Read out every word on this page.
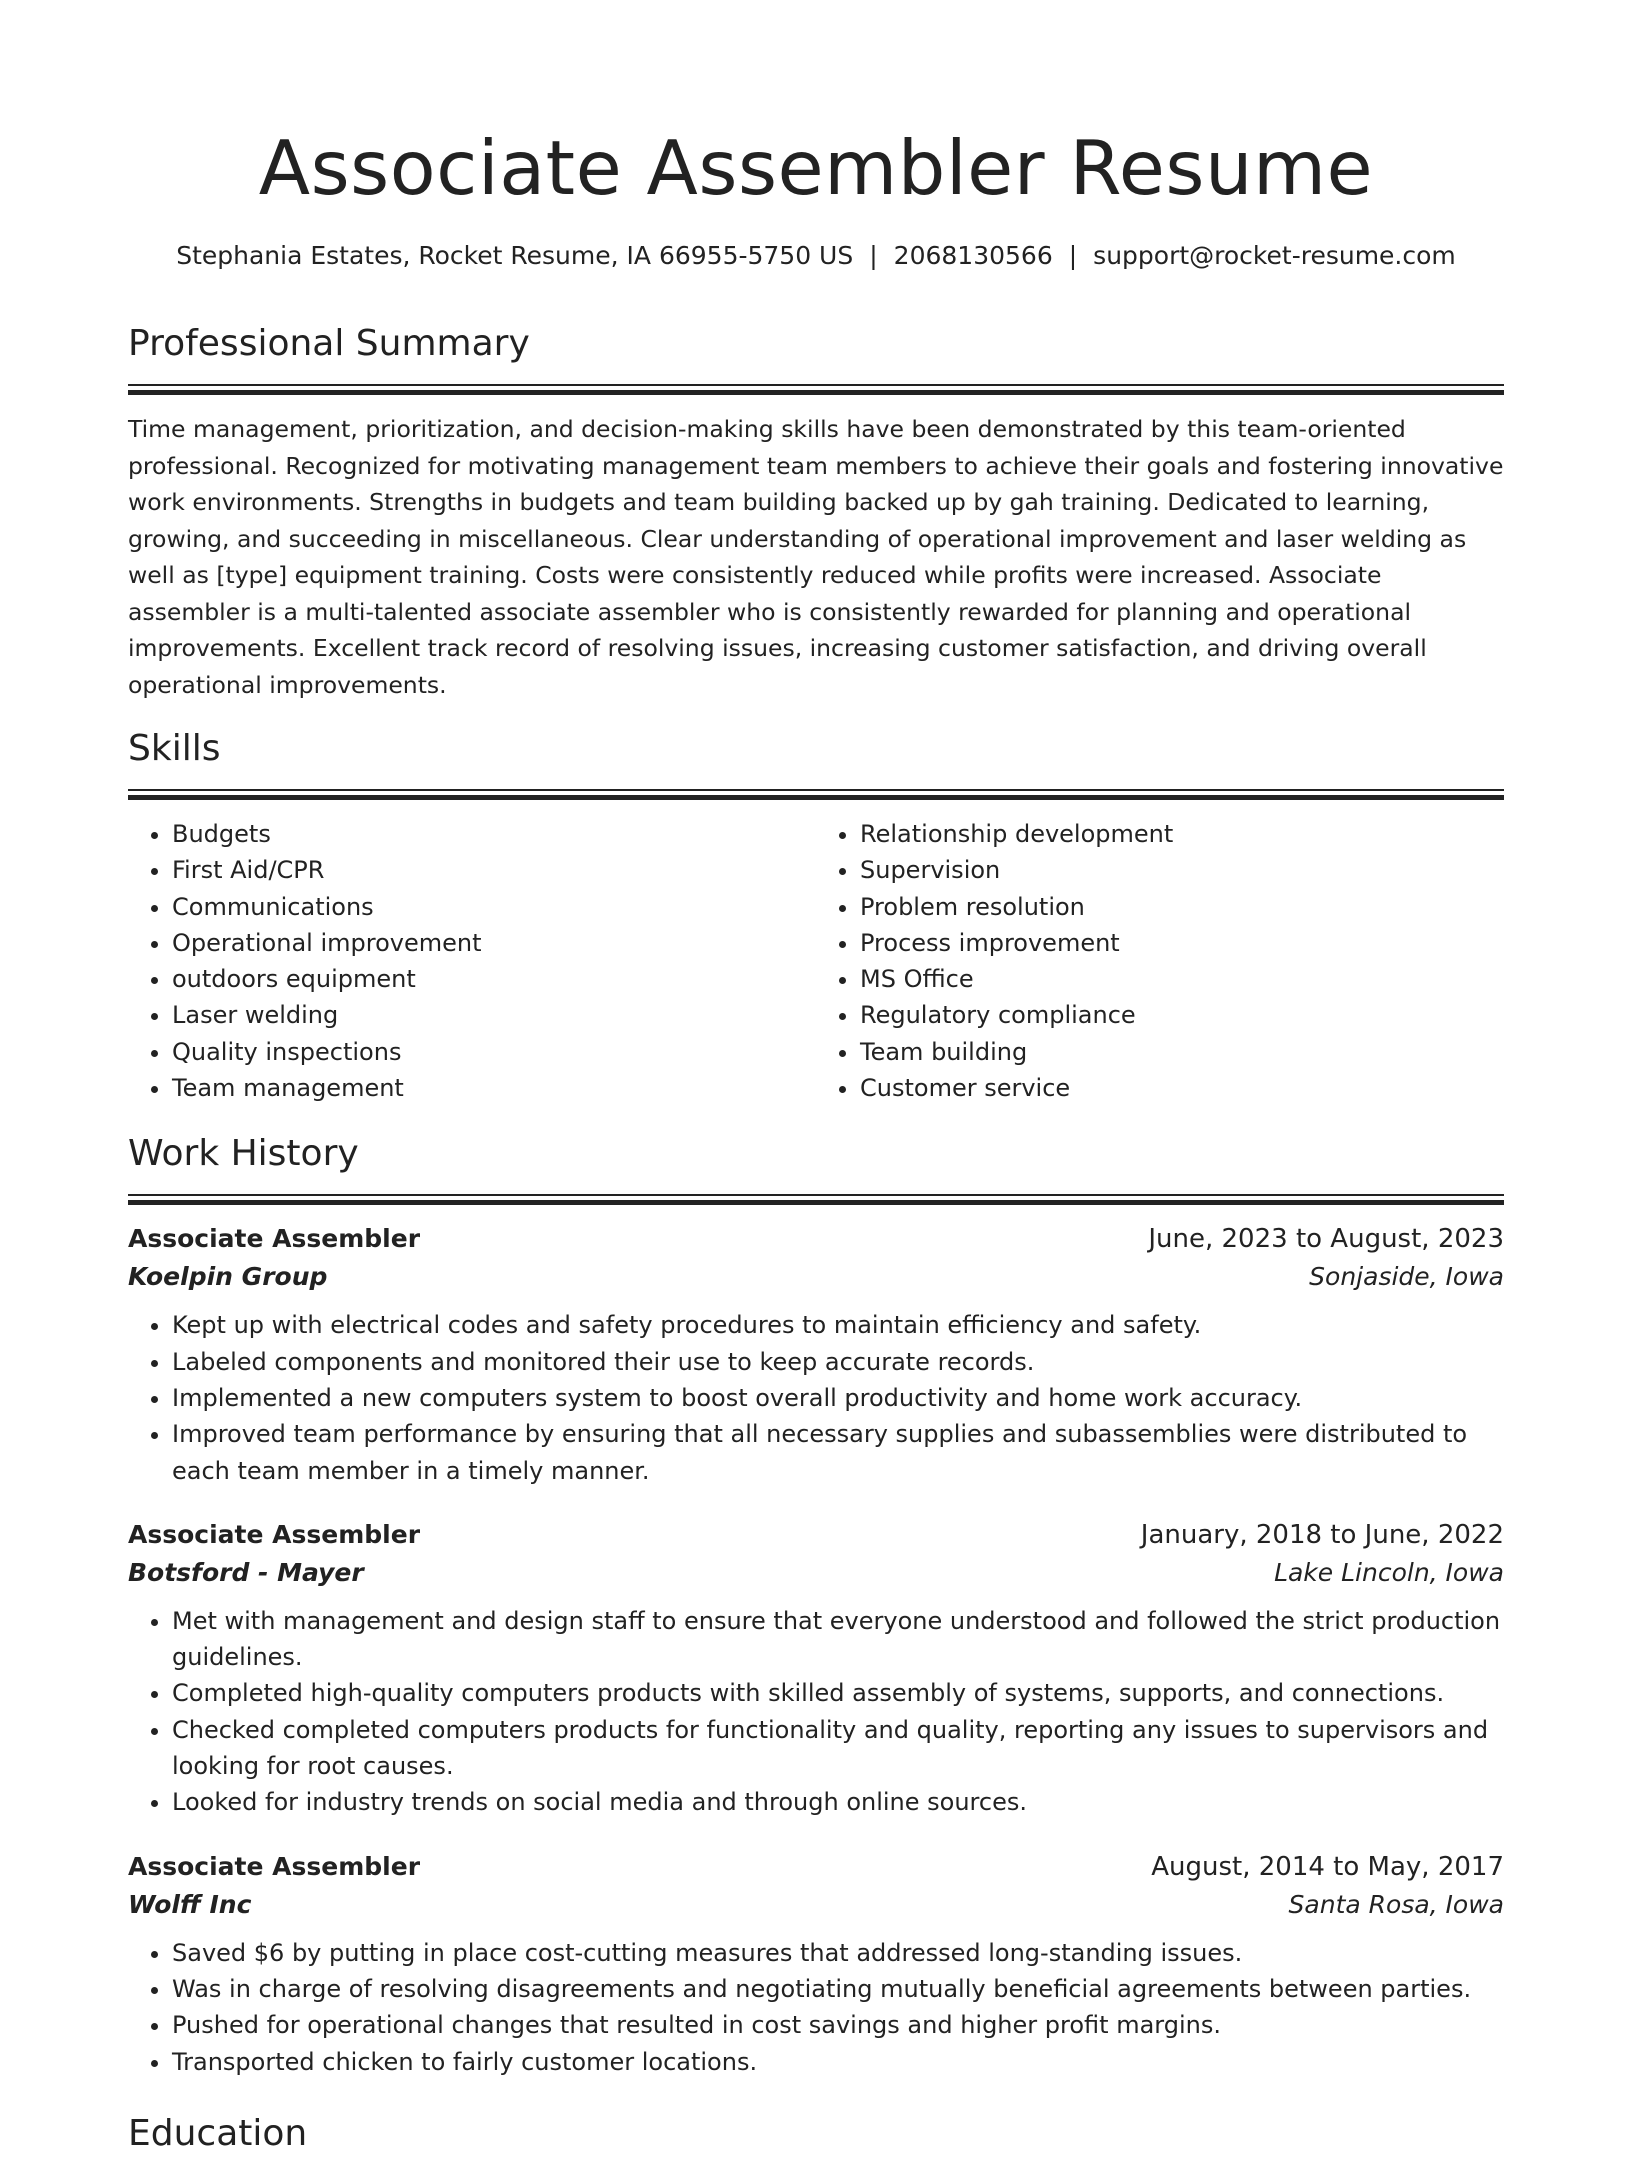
Associate Assembler Resume
Stephania Estates, Rocket Resume, IA 66955-5750 US | 2068130566 | support@rocket-resume.com
Professional Summary

Time management, prioritization, and decision-making skills have been demonstrated by this team-oriented professional. Recognized for motivating management team members to achieve their goals and fostering innovative work environments. Strengths in budgets and team building backed up by gah training. Dedicated to learning, growing, and succeeding in miscellaneous. Clear understanding of operational improvement and laser welding as well as [type] equipment training. Costs were consistently reduced while profits were increased. Associate assembler is a multi-talented associate assembler who is consistently rewarded for planning and operational improvements. Excellent track record of resolving issues, increasing customer satisfaction, and driving overall operational improvements.

Skills
• Budgets
• First Aid/CPR
• Communications
• Operational improvement
• outdoors equipment
• Laser welding
• Quality inspections
• Team management
• Relationship development
• Supervision
• Problem resolution
• Process improvement
• MS Office
• Regulatory compliance
• Team building
• Customer service
Work History
Associate Assembler	June, 2023 to August, 2023
Koelpin Group	Sonjaside, Iowa
• Kept up with electrical codes and safety procedures to maintain efficiency and safety.
• Labeled components and monitored their use to keep accurate records.
• Implemented a new computers system to boost overall productivity and home work accuracy.
• Improved team performance by ensuring that all necessary supplies and subassemblies were distributed to each team member in a timely manner.
Associate Assembler	January, 2018 to June, 2022
Botsford - Mayer	Lake Lincoln, Iowa
• Met with management and design staff to ensure that everyone understood and followed the strict production guidelines.
• Completed high-quality computers products with skilled assembly of systems, supports, and connections.
• Checked completed computers products for functionality and quality, reporting any issues to supervisors and looking for root causes.
• Looked for industry trends on social media and through online sources.
Associate Assembler	August, 2014 to May, 2017
Wolff Inc	Santa Rosa, Iowa
• Saved $6 by putting in place cost-cutting measures that addressed long-standing issues.
• Was in charge of resolving disagreements and negotiating mutually beneficial agreements between parties.
• Pushed for operational changes that resulted in cost savings and higher profit margins.
• Transported chicken to fairly customer locations.
Education
